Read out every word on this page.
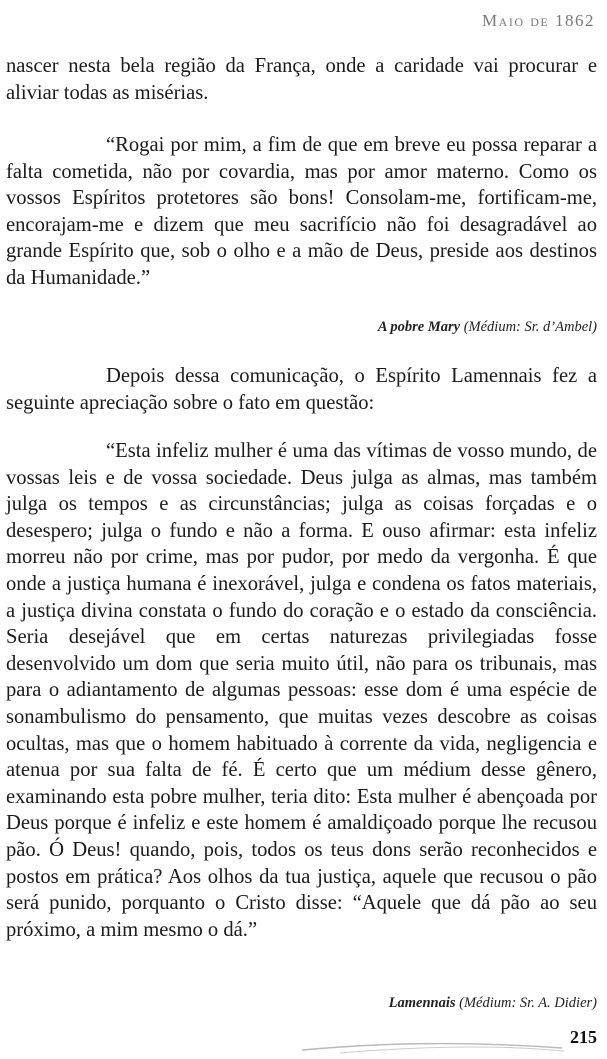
Maio de 1862

nascer nesta bela região da França, onde a caridade vai procurar e aliviar todas as misérias.

“Rogai por mim, a fim de que em breve eu possa reparar a falta cometida, não por covardia, mas por amor materno. Como os vossos Espíritos protetores são bons! Consolam-me, fortificam-me, encorajam-me e dizem que meu sacrifício não foi desagradável ao grande Espírito que, sob o olho e a mão de Deus, preside aos destinos da Humanidade.”

A pobre Mary (Médium: Sr. d’Ambel)

Depois dessa comunicação, o Espírito Lamennais fez a seguinte apreciação sobre o fato em questão:

“Esta infeliz mulher é uma das vítimas de vosso mundo, de vossas leis e de vossa sociedade. Deus julga as almas, mas também julga os tempos e as circunstâncias; julga as coisas forçadas e o desespero; julga o fundo e não a forma. E ouso afirmar: esta infeliz morreu não por crime, mas por pudor, por medo da vergonha. É que onde a justiça humana é inexorável, julga e condena os fatos materiais, a justiça divina constata o fundo do coração e o estado da consciência. Seria desejável que em certas naturezas privilegiadas fosse desenvolvido um dom que seria muito útil, não para os tribunais, mas para o adiantamento de algumas pessoas: esse dom é uma espécie de sonambulismo do pensamento, que muitas vezes descobre as coisas ocultas, mas que o homem habituado à corrente da vida, negligencia e atenua por sua falta de fé. É certo que um médium desse gênero, examinando esta pobre mulher, teria dito: Esta mulher é abençoada por Deus porque é infeliz e este homem é amaldiçoado porque lhe recusou pão. Ó Deus! quando, pois, todos os teus dons serão reconhecidos e postos em prática? Aos olhos da tua justiça, aquele que recusou o pão será punido, porquanto o Cristo disse: “Aquele que dá pão ao seu próximo, a mim mesmo o dá.”

Lamennais (Médium: Sr. A. Didier)
215
